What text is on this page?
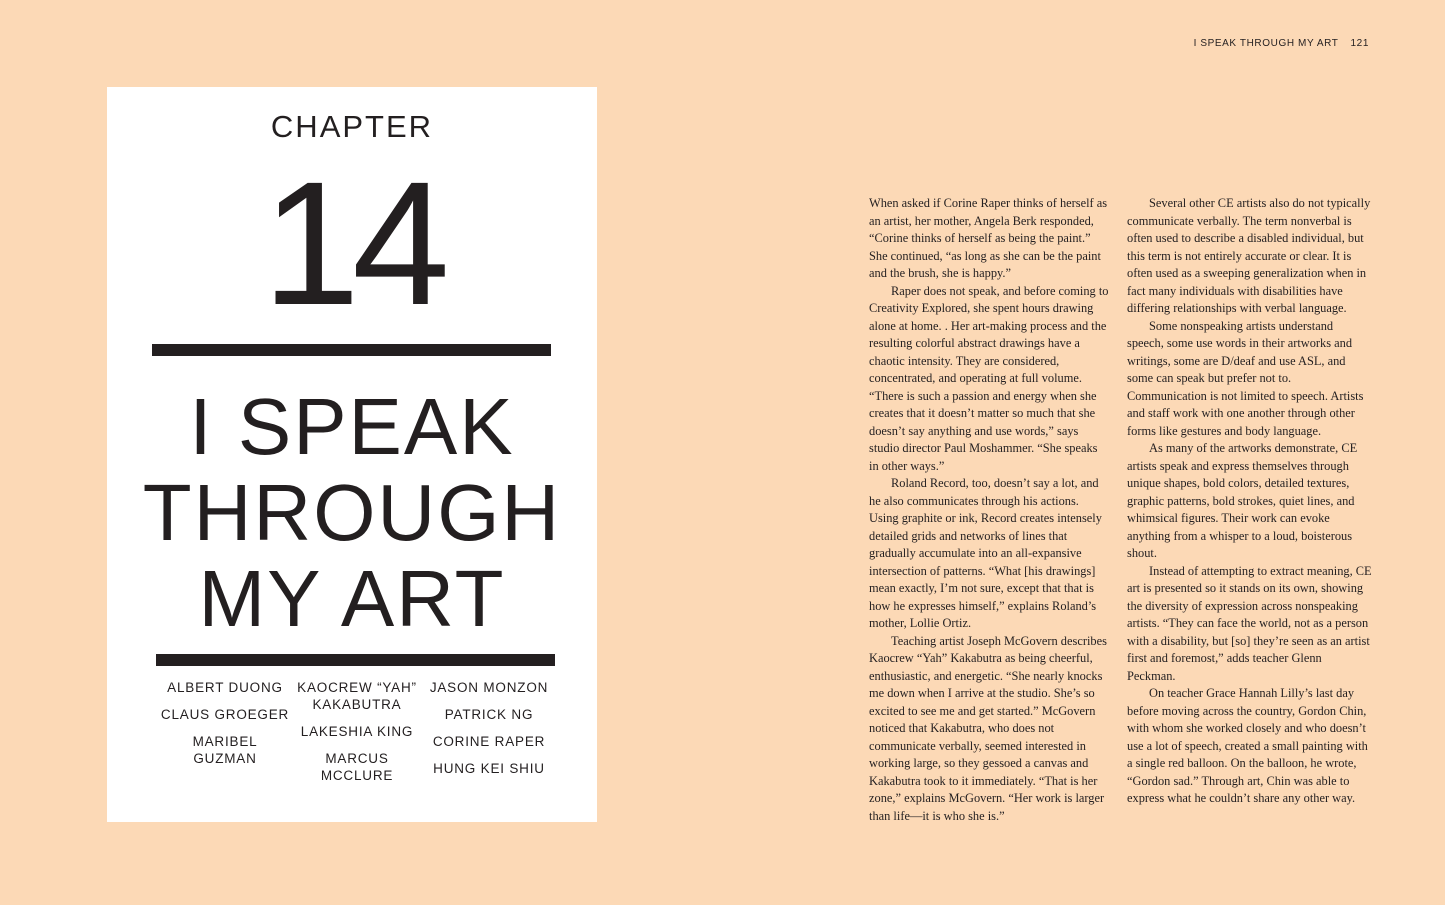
I SPEAK THROUGH MY ART 121
CHAPTER
14
I SPEAK
THROUGH
MY ART
ALBERT DUONG
CLAUS GROEGER
MARIBEL GUZMAN
KAOCREW “YAH” KAKABUTRA
LAKESHIA KING
MARCUS MCCLURE
JASON MONZON
PATRICK NG
CORINE RAPER
HUNG KEI SHIU

When asked if Corine Raper thinks of herself as an artist, her mother, Angela Berk responded, “Corine thinks of herself as being the paint.” She continued, “as long as she can be the paint and the brush, she is happy.”

Raper does not speak, and before coming to Creativity Explored, she spent hours drawing alone at home. . Her art-making process and the resulting colorful abstract drawings have a chaotic intensity. They are considered, concentrated, and operating at full volume. “There is such a passion and energy when she creates that it doesn’t matter so much that she doesn’t say anything and use words,” says studio director Paul Moshammer. “She speaks in other ways.”

Roland Record, too, doesn’t say a lot, and he also communicates through his actions. Using graphite or ink, Record creates intensely detailed grids and networks of lines that gradually accumulate into an all-expansive intersection of patterns. “What [his drawings] mean exactly, I’m not sure, except that that is how he expresses himself,” explains Roland’s mother, Lollie Ortiz.

Teaching artist Joseph McGovern describes Kaocrew “Yah” Kakabutra as being cheerful, enthusiastic, and energetic. “She nearly knocks me down when I arrive at the studio. She’s so excited to see me and get started.” McGovern noticed that Kakabutra, who does not communicate verbally, seemed interested in working large, so they gessoed a canvas and Kakabutra took to it immediately. “That is her zone,” explains McGovern. “Her work is larger than life—it is who she is.”

Several other CE artists also do not typically communicate verbally. The term nonverbal is often used to describe a disabled individual, but this term is not entirely accurate or clear. It is often used as a sweeping generalization when in fact many individuals with disabilities have differing relationships with verbal language.

Some nonspeaking artists understand speech, some use words in their artworks and writings, some are D/deaf and use ASL, and some can speak but prefer not to. Communication is not limited to speech. Artists and staff work with one another through other forms like gestures and body language.

As many of the artworks demonstrate, CE artists speak and express themselves through unique shapes, bold colors, detailed textures, graphic patterns, bold strokes, quiet lines, and whimsical figures. Their work can evoke anything from a whisper to a loud, boisterous shout.

Instead of attempting to extract meaning, CE art is presented so it stands on its own, showing the diversity of expression across nonspeaking artists. “They can face the world, not as a person with a disability, but [so] they’re seen as an artist first and foremost,” adds teacher Glenn Peckman.

On teacher Grace Hannah Lilly’s last day before moving across the country, Gordon Chin, with whom she worked closely and who doesn’t use a lot of speech, created a small painting with a single red balloon. On the balloon, he wrote, “Gordon sad.” Through art, Chin was able to express what he couldn’t share any other way.
